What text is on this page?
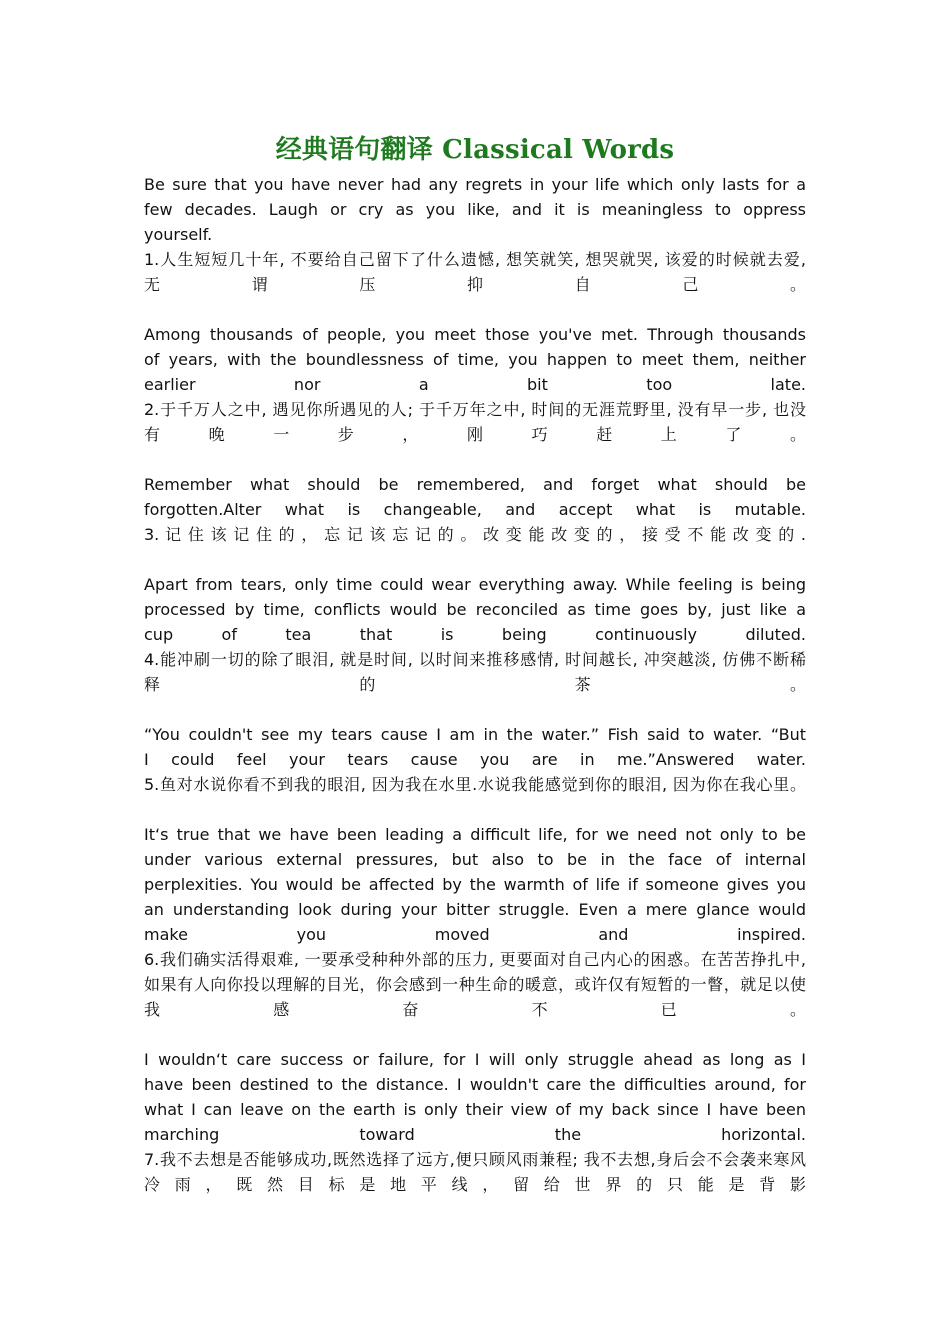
经典语句翻译 Classical Words
Be sure that you have never had any regrets in your life which only lasts for a
few decades. Laugh or cry as you like, and it is meaningless to oppress
yourself.
1.人生短短几十年, 不要给自己留下了什么遗憾, 想笑就笑, 想哭就哭, 该爱的时候就去爱,
无 谓 压 抑 自 己 。
Among thousands of people, you meet those you've met. Through thousands
of years, with the boundlessness of time, you happen to meet them, neither
earlier nor a bit too late.
2.于千万人之中, 遇见你所遇见的人; 于千万年之中, 时间的无涯荒野里, 没有早一步, 也没
有 晚 一 步 ， 刚 巧 赶 上 了 。
Remember what should be remembered, and forget what should be
forgotten.Alter what is changeable, and accept what is mutable.
3. 记 住 该 记 住 的 ， 忘 记 该 忘 记 的 。 改 变 能 改 变 的 ， 接 受 不 能 改 变 的 .
Apart from tears, only time could wear everything away. While feeling is being
processed by time, conflicts would be reconciled as time goes by, just like a
cup of tea that is being continuously diluted.
4.能冲刷一切的除了眼泪, 就是时间, 以时间来推移感情, 时间越长, 冲突越淡, 仿佛不断稀
释 的 茶 。
“You couldn't see my tears cause I am in the water.” Fish said to water. “But
I could feel your tears cause you are in me.”Answered water.
5.鱼对水说你看不到我的眼泪, 因为我在水里.水说我能感觉到你的眼泪, 因为你在我心里。
It‘s true that we have been leading a difficult life, for we need not only to be
under various external pressures, but also to be in the face of internal
perplexities. You would be affected by the warmth of life if someone gives you
an understanding look during your bitter struggle. Even a mere glance would
make you moved and inspired.
6.我们确实活得艰难, 一要承受种种外部的压力, 更要面对自己内心的困惑。在苦苦挣扎中,
如果有人向你投以理解的目光，你会感到一种生命的暖意，或许仅有短暂的一瞥，就足以使
我 感 奋 不 已 。
I wouldn‘t care success or failure, for I will only struggle ahead as long as I
have been destined to the distance. I wouldn't care the difficulties around, for
what I can leave on the earth is only their view of my back since I have been
marching toward the horizontal.
7.我不去想是否能够成功,既然选择了远方,便只顾风雨兼程; 我不去想,身后会不会袭来寒风
冷 雨 ， 既 然 目 标 是 地 平 线 ， 留 给 世 界 的 只 能 是 背 影
